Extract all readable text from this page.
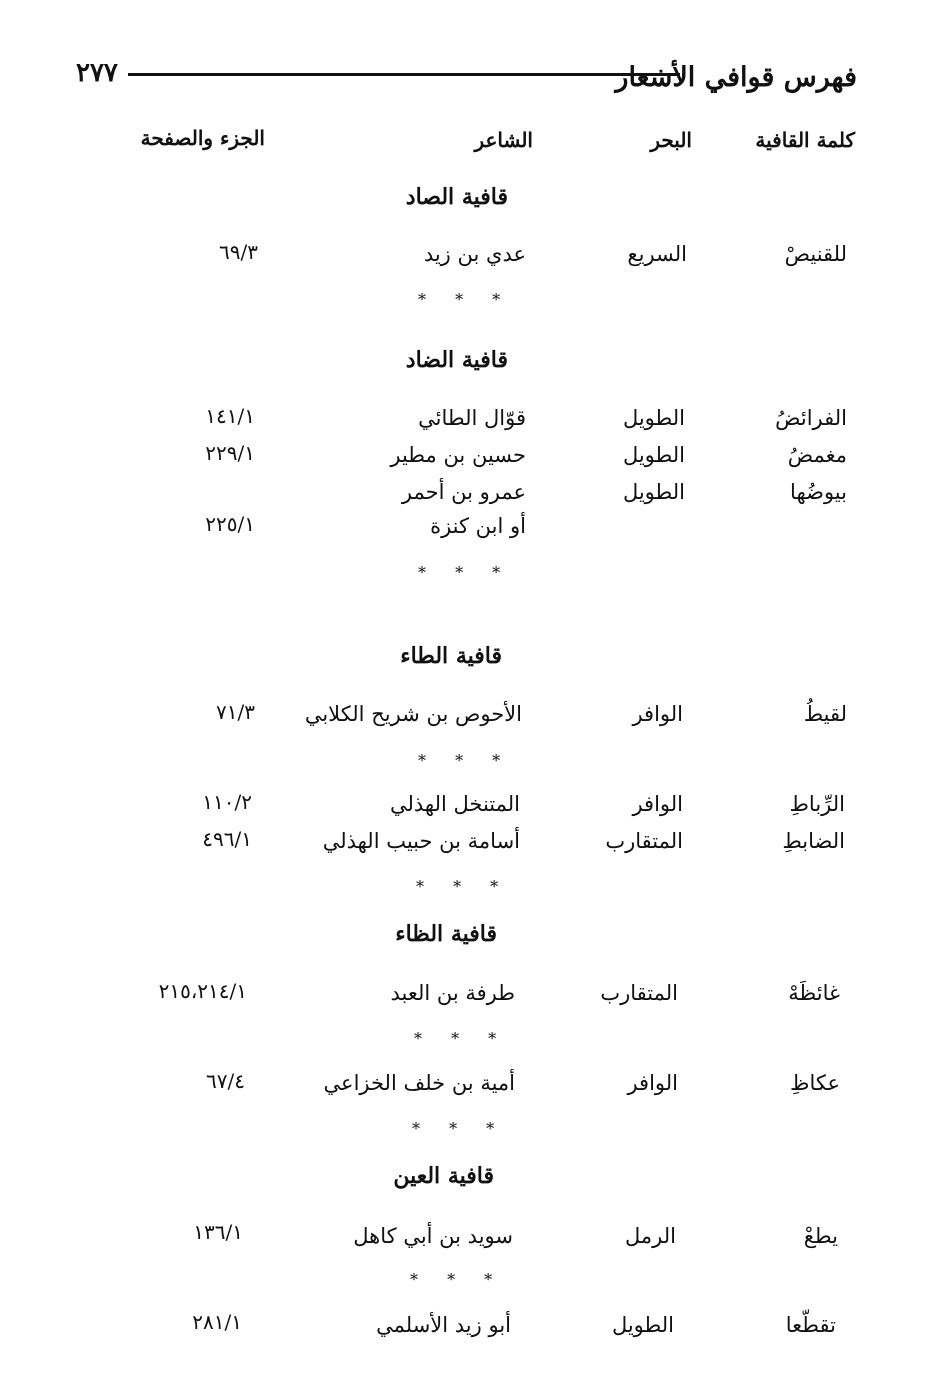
فهرس قوافي الأشعار
٢٧٧
كلمة القافية
البحر
الشاعر
الجزء والصفحة
قافية الصاد
للقنيصْ
السريع
عدي بن زيد
٦٩/٣
* * *
قافية الضاد
الفرائضُ
الطويل
قوّال الطائي
١٤١/١
مغمضُ
الطويل
حسين بن مطير
٢٢٩/١
بيوضُها
الطويل
عمرو بن أحمر
أو ابن كنزة
٢٢٥/١
* * *
قافية الطاء
لقيطُ
الوافر
الأحوص بن شريح الكلابي
٧١/٣
* * *
الرِّباطِ
الوافر
المتنخل الهذلي
١١٠/٢
الضابطِ
المتقارب
أسامة بن حبيب الهذلي
٤٩٦/١
* * *
قافية الظاء
غائظَهْ
المتقارب
طرفة بن العبد
٢١٥،٢١٤/١
* * *
عكاظِ
الوافر
أمية بن خلف الخزاعي
٦٧/٤
* * *
قافية العين
يطعْ
الرمل
سويد بن أبي كاهل
١٣٦/١
* * *
تقطّعا
الطويل
أبو زيد الأسلمي
٢٨١/١
